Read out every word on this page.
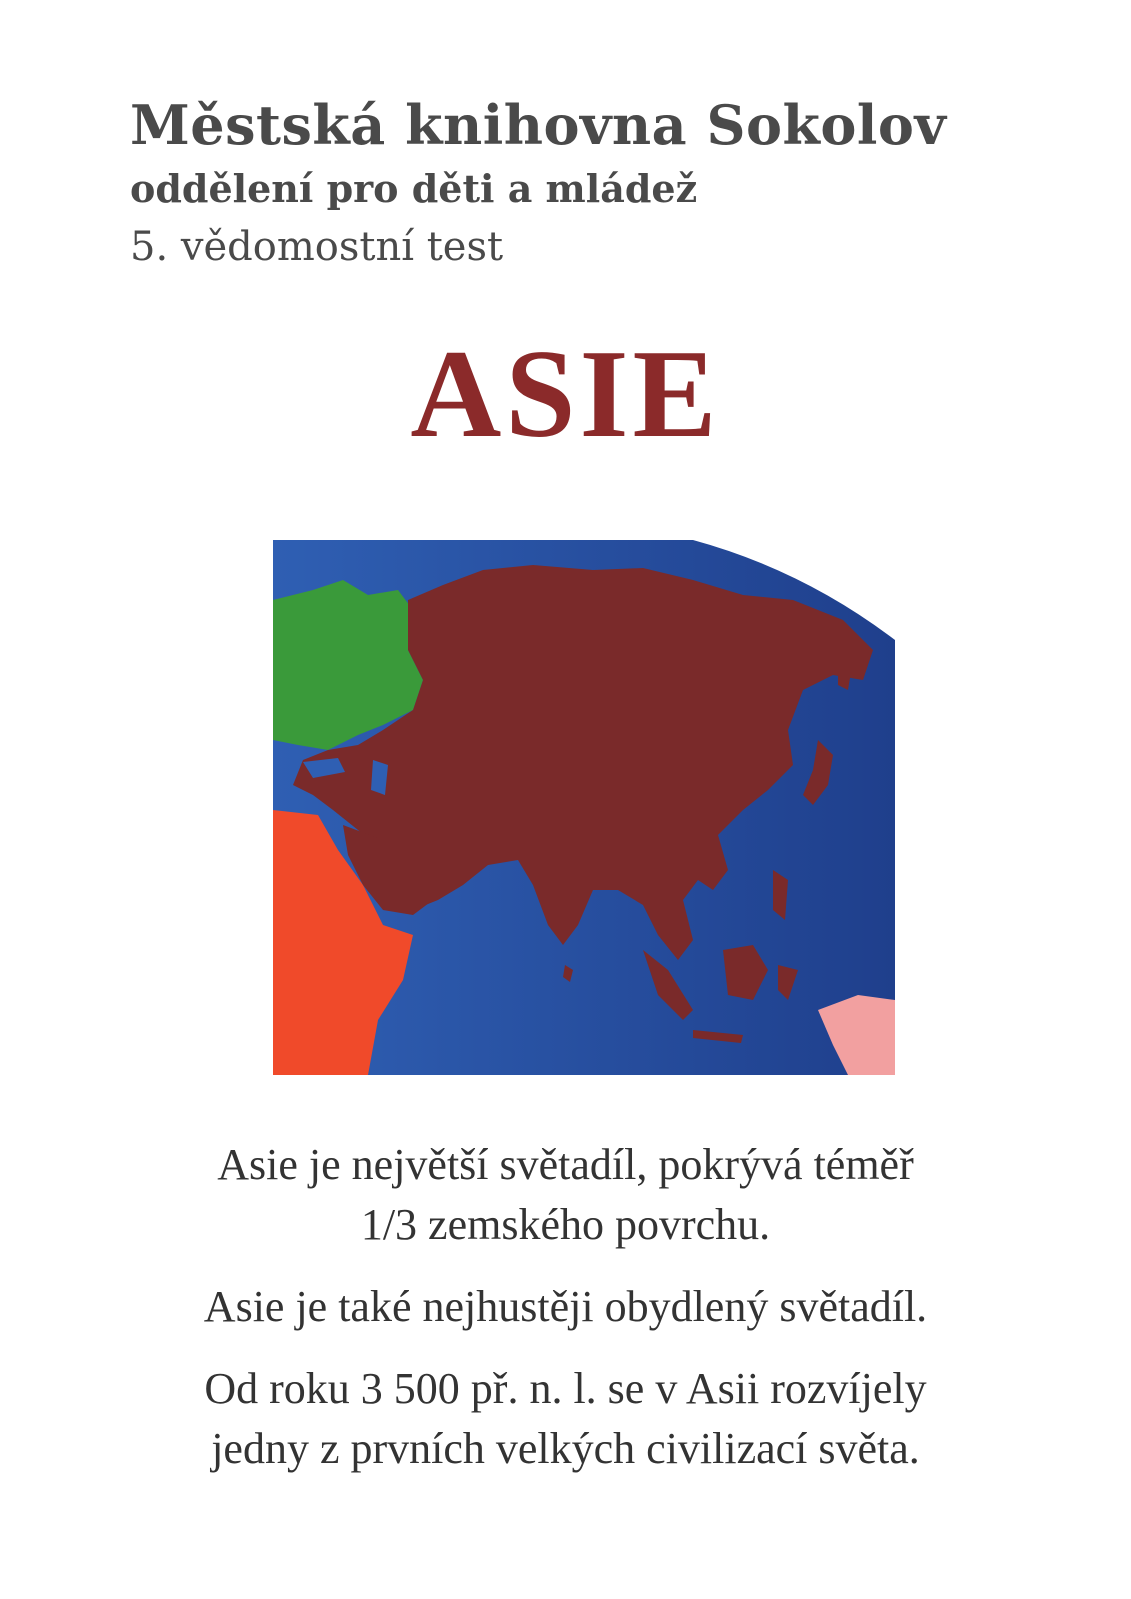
Městská knihovna Sokolov

oddělení pro děti a mládež

5. vědomostní test

ASIE

Asie je největší světadíl, pokrývá téměř
1/3 zemského povrchu.

Asie je také nejhustěji obydlený světadíl.

Od roku 3 500 př. n. l. se v Asii rozvíjely
jedny z prvních velkých civilizací světa.
